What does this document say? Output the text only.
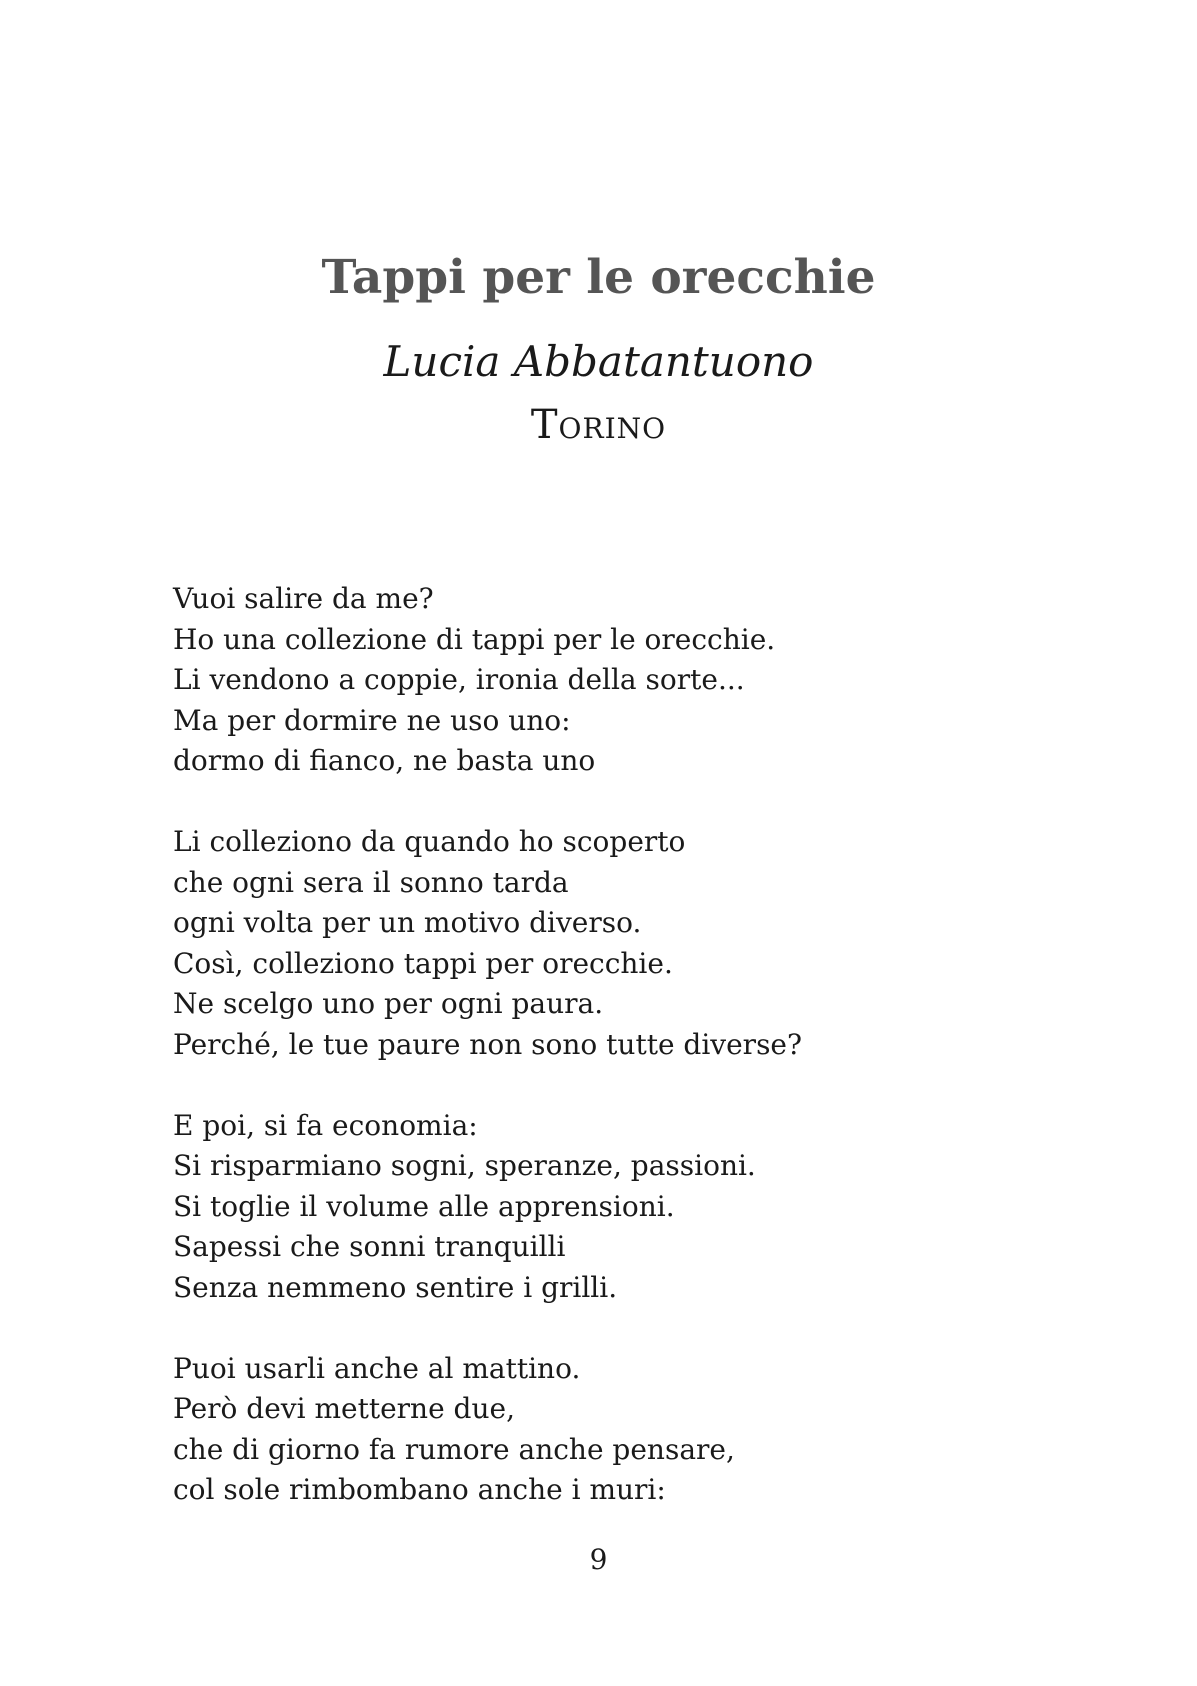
Tappi per le orecchie
Lucia Abbatantuono
Torino
Vuoi salire da me?
Ho una collezione di tappi per le orecchie.
Li vendono a coppie, ironia della sorte...
Ma per dormire ne uso uno:
dormo di fianco, ne basta uno
Li colleziono da quando ho scoperto
che ogni sera il sonno tarda
ogni volta per un motivo diverso.
Così, colleziono tappi per orecchie.
Ne scelgo uno per ogni paura.
Perché, le tue paure non sono tutte diverse?
E poi, si fa economia:
Si risparmiano sogni, speranze, passioni.
Si toglie il volume alle apprensioni.
Sapessi che sonni tranquilli
Senza nemmeno sentire i grilli.
Puoi usarli anche al mattino.
Però devi metterne due,
che di giorno fa rumore anche pensare,
col sole rimbombano anche i muri:
9
